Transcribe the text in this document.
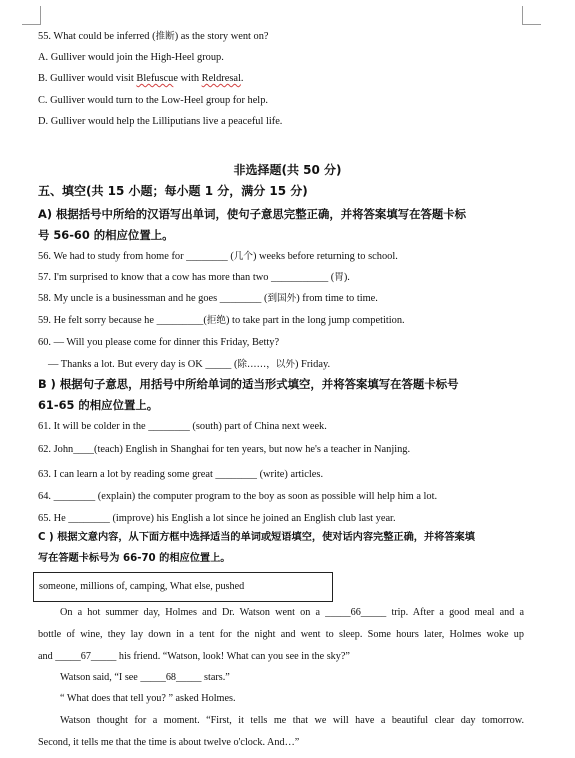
55. What could be inferred (推断) as the story went on?
A. Gulliver would join the High-Heel group.
B. Gulliver would visit Blefuscue with Reldresal.
C. Gulliver would turn to the Low-Heel group for help.
D. Gulliver would help the Lilliputians live a peaceful life.
非选择题(共 50 分)
五、填空(共 15 小题；每小题 1 分，满分 15 分)
A) 根据括号中所给的汉语写出单词，使句子意思完整正确，并将答案填写在答题卡标
号 56-60 的相应位置上。
56. We had to study from home for ________ (几个) weeks before returning to school.
57. I'm surprised to know that a cow has more than two ___________ (胃).
58. My uncle is a businessman and he goes ________ (到国外) from time to time.
59. He felt sorry because he _________(拒绝) to take part in the long jump competition.
60. — Will you please come for dinner this Friday, Betty?
— Thanks a lot. But every day is OK _____ (除……，以外) Friday.
B ) 根据句子意思，用括号中所给单词的适当形式填空，并将答案填写在答题卡标号
61-65 的相应位置上。
61. It will be colder in the ________ (south) part of China next week.
62. John____(teach) English in Shanghai for ten years, but now he's a teacher in Nanjing.
63. I can learn a lot by reading some great ________ (write) articles.
64. ________ (explain) the computer program to the boy as soon as possible will help him a lot.
65. He ________ (improve) his English a lot since he joined an English club last year.
C ) 根据文意内容，从下面方框中选择适当的单词或短语填空，使对话内容完整正确，并将答案填
写在答题卡标号为 66-70 的相应位置上。
someone, millions of, camping, What else, pushed
On a hot summer day, Holmes and Dr. Watson went on a _____66_____ trip. After a good meal and a
bottle of wine, they lay down in a tent for the night and went to sleep. Some hours later, Holmes woke up
and _____67_____ his friend. “Watson, look! What can you see in the sky?”
Watson said, “I see _____68_____ stars.”
“ What does that tell you? ” asked Holmes.
Watson thought for a moment. “First, it tells me that we will have a beautiful clear day tomorrow.
Second, it tells me that the time is about twelve o'clock. And…”
